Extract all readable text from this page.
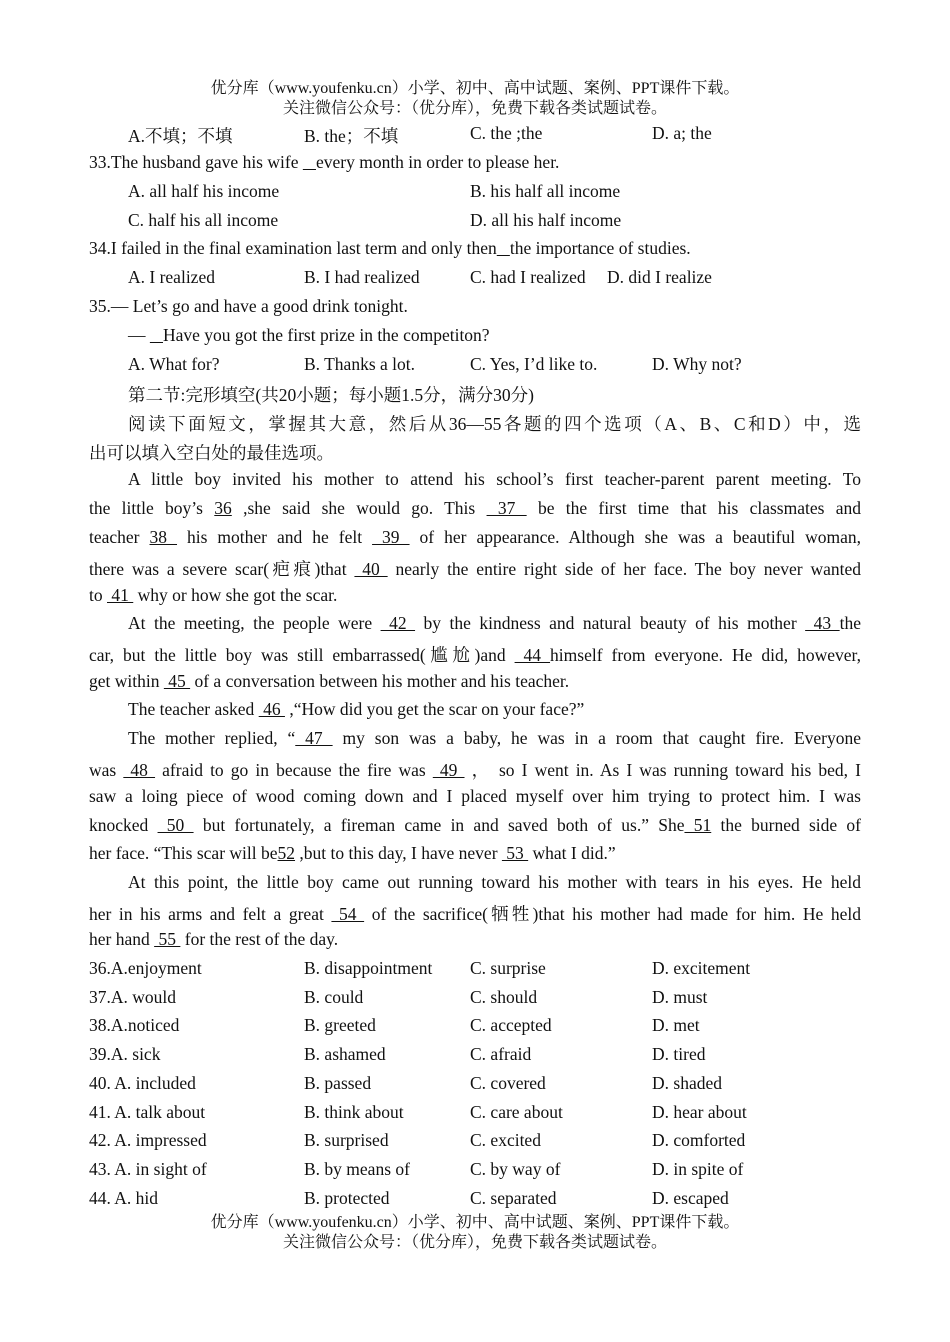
优分库（www.youfenku.cn）小学、初中、高中试题、案例、PPT课件下载。
关注微信公众号：（优分库），免费下载各类试题试卷。
A.不填；不填	B. the；不填	C. the ;the	D. a; the
33.The husband gave his wife    every month in order to please her.
A. all half his income	B. his half all income
C. half his all income	D. all his half income
34.I failed in the final examination last term and only then the importance of studies.
A. I realized	B. I had realized	C. had I realized D. did I realize
35.— Let’s go and have a good drink tonight.
—    Have you got the first prize in the competiton?
A. What for?	B. Thanks a lot.	C. Yes, I’d like to.	D. Why not?
第二节:完形填空(共20小题；每小题1.5分，满分30分)
阅读下面短文，掌握其大意，然后从36—55各题的四个选项（A、B、C和D）中，选
出可以填入空白处的最佳选项。
A little boy invited his mother to attend his school’s first teacher-parent parent meeting. To
the little boy’s 36 ,she said she would go. This  37  be the first time that his classmates and
teacher 38  his mother and he felt  39  of her appearance. Although she was a beautiful woman,
there was a severe scar(疤痕)that  40  nearly the entire right side of her face. The boy never wanted
to  41  why or how she got the scar.
At the meeting, the people were  42  by the kindness and natural beauty of his mother  43 the
car, but the little boy was still embarrassed(尴尬)and  44 himself from everyone. He did, however,
get within  45  of a conversation between his mother and his teacher.
The teacher asked  46  ,“How did you get the scar on your face?”
The mother replied, “ 47  my son was a baby, he was in a room that caught fire. Everyone
was  48  afraid to go in because the fire was  49  ， so I went in. As I was running toward his bed, I
saw a loing piece of wood coming down and I placed myself over him trying to protect him. I was
knocked  50  but fortunately, a fireman came in and saved both of us.” She 51 the burned side of
her face. “This scar will be52 ,but to this day, I have never  53  what I did.”
At this point, the little boy came out running toward his mother with tears in his eyes. He held
her in his arms and felt a great  54  of the sacrifice(牺牲)that his mother had made for him. He held
her hand  55  for the rest of the day.
36.A.enjoyment	B. disappointment C. surprise	D. excitement
37.A. would	B. could	C. should	D. must
38.A.noticed	B. greeted	C. accepted	D. met
39.A. sick	B. ashamed	C. afraid	D. tired
40. A. included	B. passed	C. covered	D. shaded
41. A. talk about	B. think about	C. care about	D. hear about
42. A. impressed	B. surprised	C. excited	D. comforted
43. A. in sight of	B. by means of	C. by way of	D. in spite of
44. A. hid	B. protected	C. separated	D. escaped
优分库（www.youfenku.cn）小学、初中、高中试题、案例、PPT课件下载。
关注微信公众号：（优分库），免费下载各类试题试卷。
